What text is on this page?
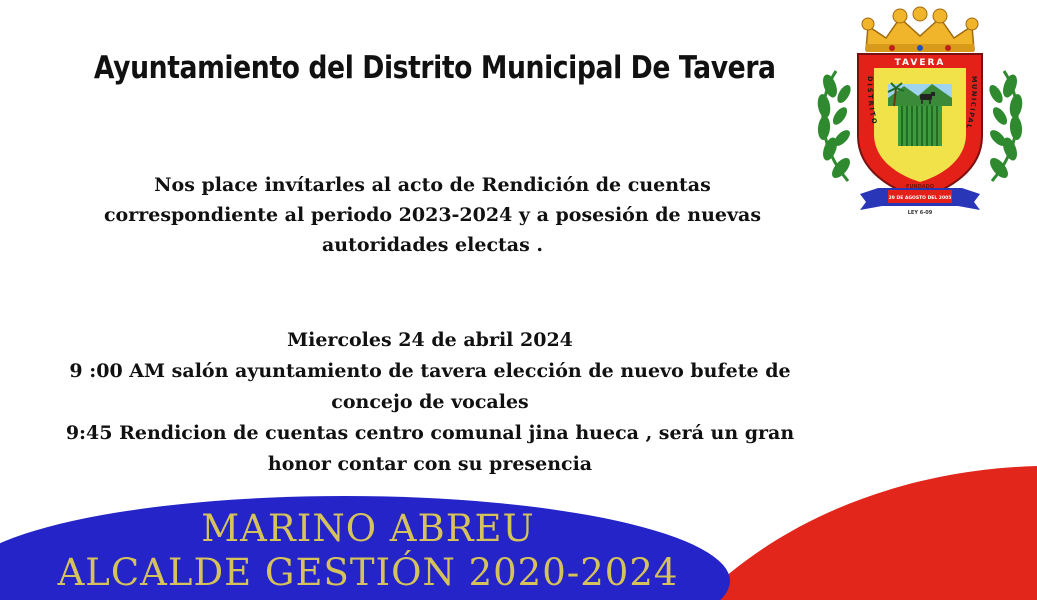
Ayuntamiento del Distrito Municipal De Tavera
Nos place invítarles al acto de Rendición de cuentas
correspondiente al periodo 2023-2024 y a posesión de nuevas
autoridades electas .
Miercoles 24 de abril 2024
9 :00 AM salón ayuntamiento de tavera elección de nuevo bufete de
concejo de vocales
9:45 Rendicion de cuentas centro comunal jina hueca , será un gran
honor contar con su presencia
MARINO ABREU
ALCALDE GESTIÓN 2020-2024
TAVERA
DISTRITO
MUNICIPAL
FUNDADO
29 DE AGOSTO DEL 2005
LEY 6-09
